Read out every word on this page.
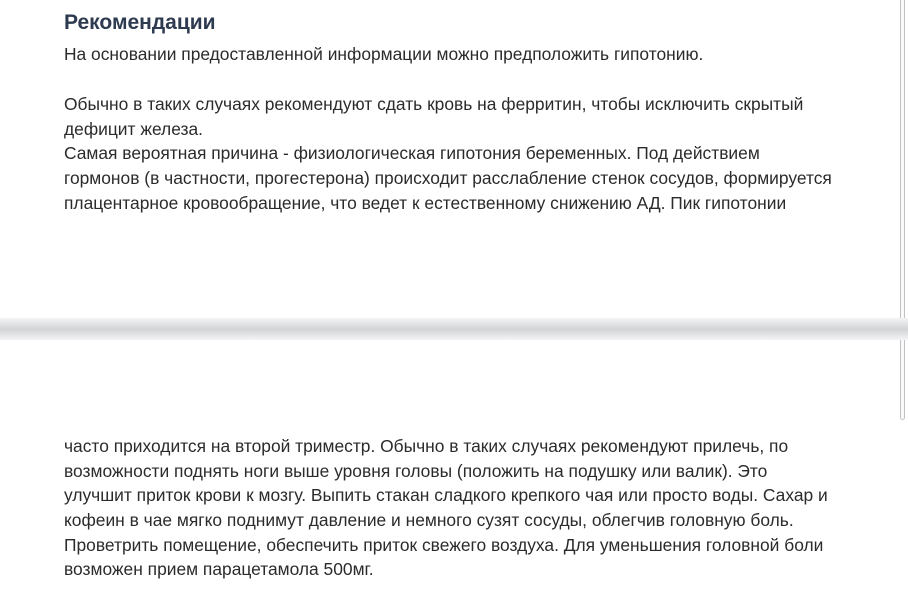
Рекомендации
На основании предоставленной информации можно предположить гипотонию.
Обычно в таких случаях рекомендуют сдать кровь на ферритин, чтобы исключить скрытый
дефицит железа.
Самая вероятная причина - физиологическая гипотония беременных. Под действием
гормонов (в частности, прогестерона) происходит расслабление стенок сосудов, формируется
плацентарное кровообращение, что ведет к естественному снижению АД. Пик гипотонии
часто приходится на второй триместр. Обычно в таких случаях рекомендуют прилечь, по
возможности поднять ноги выше уровня головы (положить на подушку или валик). Это
улучшит приток крови к мозгу. Выпить стакан сладкого крепкого чая или просто воды. Сахар и
кофеин в чае мягко поднимут давление и немного сузят сосуды, облегчив головную боль.
Проветрить помещение, обеспечить приток свежего воздуха. Для уменьшения головной боли
возможен прием парацетамола 500мг.
